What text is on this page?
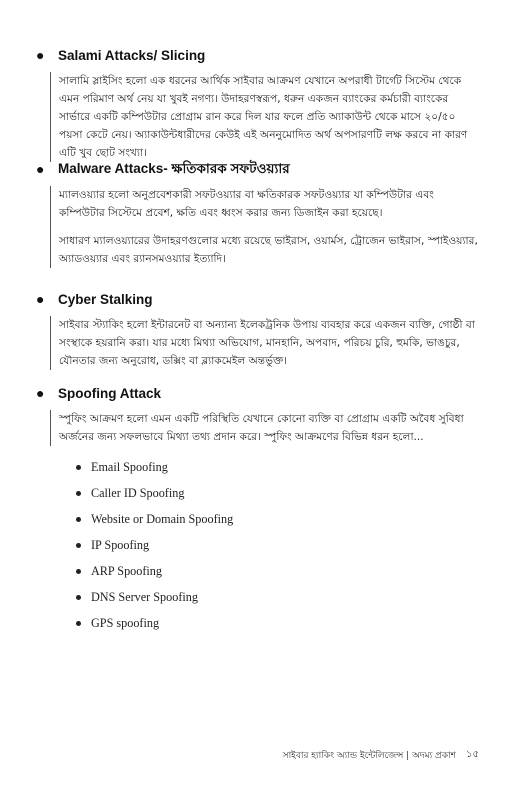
● Salami Attacks/ Slicing

সালামি স্লাইসিং হলো এক ধরনের আর্থিক সাইবার আক্রমণ যেখানে অপরাধী টার্গেট সিস্টেম থেকে এমন পরিমাণ অর্থ নেয় যা খুবই নগণ্য। উদাহরণস্বরূপ, ধরুন একজন ব্যাংকের কর্মচারী ব্যাংকের সার্ভারে একটি কম্পিউটার প্রোগ্রাম রান করে দিল যার ফলে প্রতি অ্যাকাউন্ট থেকে মাসে ২০/৫০ পয়সা কেটে নেয়। অ্যাকাউন্টধারীদের কেউই এই অননুমোদিত অর্থ অপসারণটি লক্ষ করবে না কারণ এটি খুব ছোট সংখ্যা।

● Malware Attacks- ক্ষতিকারক সফটওয়্যার

ম্যালওয়্যার হলো অনুপ্রবেশকারী সফটওয়্যার বা ক্ষতিকারক সফটওয়্যার যা কম্পিউটার এবং কম্পিউটার সিস্টেমে প্রবেশ, ক্ষতি এবং ধ্বংস করার জন্য ডিজাইন করা হয়েছে।

সাধারণ ম্যালওয়্যারের উদাহরণগুলোর মধ্যে রয়েছে ভাইরাস, ওয়ার্মস, ট্রোজেন ভাইরাস, স্পাইওয়্যার, অ্যাডওয়্যার এবং র‍্যানসমওয়্যার ইত্যাদি।

● Cyber Stalking

সাইবার স্ট্যাকিং হলো ইন্টারনেট বা অন্যান্য ইলেকট্রনিক উপায় ব্যবহার করে একজন ব্যক্তি, গোষ্ঠী বা সংস্থাকে হয়রানি করা। যার মধ্যে মিথ্যা অভিযোগ, মানহানি, অপবাদ, পরিচয় চুরি, হুমকি, ভাঙচুর, যৌনতার জন্য অনুরোধ, ডক্সিং বা ব্ল্যাকমেইল অন্তর্ভুক্ত।

● Spoofing Attack

স্পুফিং আক্রমণ হলো এমন একটি পরিস্থিতি যেখানে কোনো ব্যক্তি বা প্রোগ্রাম একটি অবৈধ সুবিধা অর্জনের জন্য সফলভাবে মিথ্যা তথ্য প্রদান করে। স্পুফিং আক্রমণের বিভিন্ন ধরন হলো...

Email Spoofing
Caller ID Spoofing
Website or Domain Spoofing
IP Spoofing
ARP Spoofing
DNS Server Spoofing
GPS spoofing
সাইবার হ্যাকিং অ্যান্ড ইন্টেলিজেন্স | অদম্য প্রকাশ ১৫
